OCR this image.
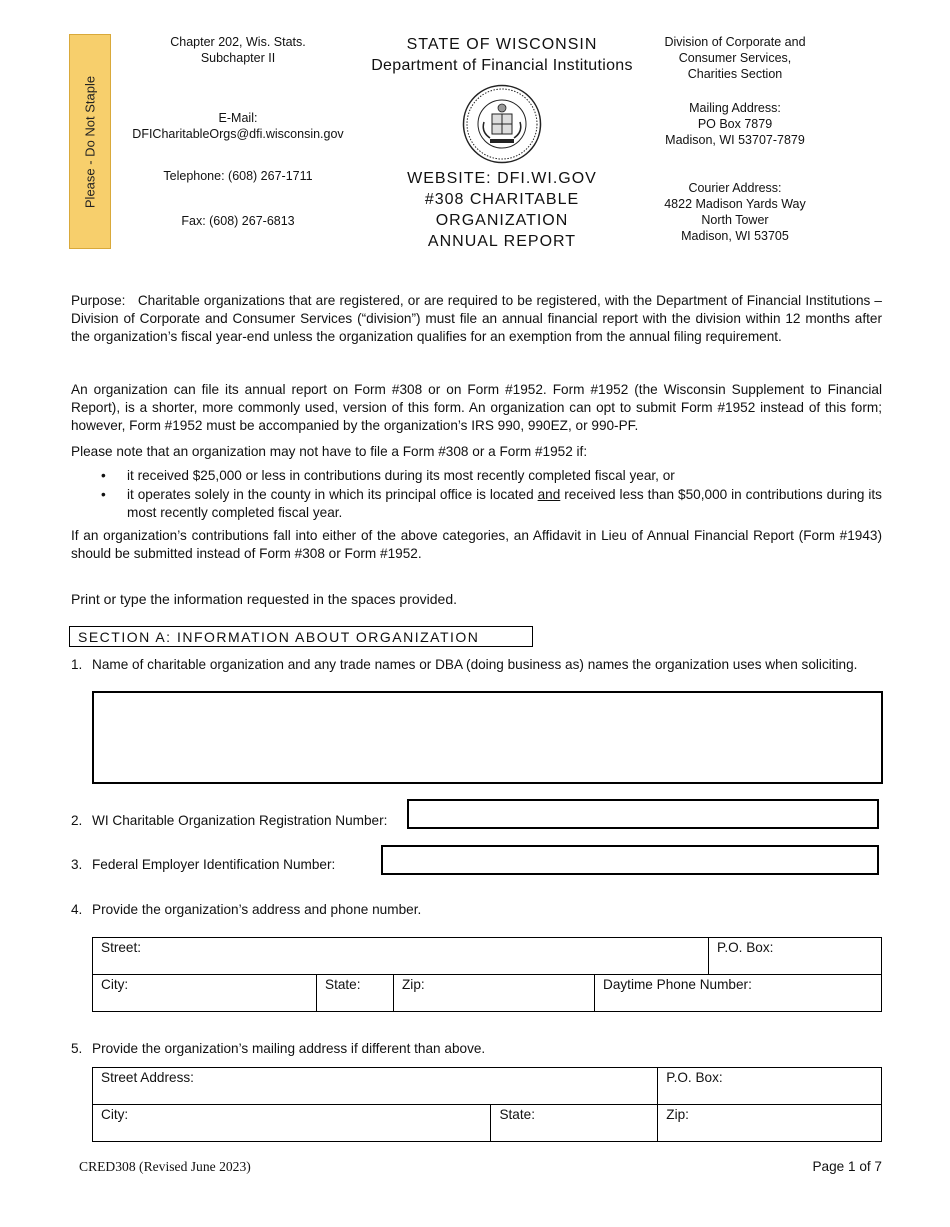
Please - Do Not Staple
Chapter 202, Wis. Stats.
Subchapter II
E-Mail:
DFICharitableOrgs@dfi.wisconsin.gov
Telephone: (608) 267-1711
Fax: (608) 267-6813
STATE OF WISCONSIN
Department of Financial Institutions
WEBSITE: DFI.WI.GOV
#308 CHARITABLE
ORGANIZATION
ANNUAL REPORT
Division of Corporate and
Consumer Services,
Charities Section
Mailing Address:
PO Box 7879
Madison, WI 53707-7879
Courier Address:
4822 Madison Yards Way
North Tower
Madison, WI 53705
Purpose: Charitable organizations that are registered, or are required to be registered, with the Department of Financial Institutions – Division of Corporate and Consumer Services (“division”) must file an annual financial report with the division within 12 months after the organization’s fiscal year-end unless the organization qualifies for an exemption from the annual filing requirement.
An organization can file its annual report on Form #308 or on Form #1952. Form #1952 (the Wisconsin Supplement to Financial Report), is a shorter, more commonly used, version of this form. An organization can opt to submit Form #1952 instead of this form; however, Form #1952 must be accompanied by the organization’s IRS 990, 990EZ, or 990-PF.
Please note that an organization may not have to file a Form #308 or a Form #1952 if:
• it received $25,000 or less in contributions during its most recently completed fiscal year, or
• it operates solely in the county in which its principal office is located and received less than $50,000 in contributions during its most recently completed fiscal year.
If an organization’s contributions fall into either of the above categories, an Affidavit in Lieu of Annual Financial Report (Form #1943) should be submitted instead of Form #308 or Form #1952.
Print or type the information requested in the spaces provided.
SECTION A: INFORMATION ABOUT ORGANIZATION
1. Name of charitable organization and any trade names or DBA (doing business as) names the organization uses when soliciting.
2. WI Charitable Organization Registration Number:
3. Federal Employer Identification Number:
4. Provide the organization’s address and phone number.
Street:				P.O. Box:
City:	State:	Zip:	Daytime Phone Number:	
5. Provide the organization’s mailing address if different than above.
Street Address:		P.O. Box:
City:	State:	Zip:
CRED308 (Revised June 2023)	Page 1 of 7
